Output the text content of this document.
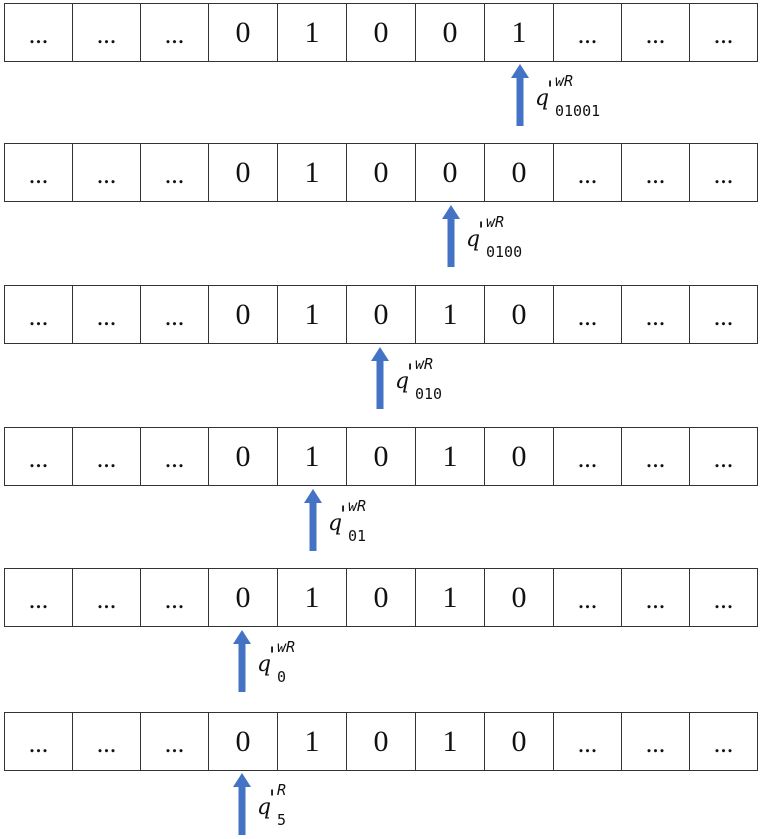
...	...	...	0	1	0	0	1	...	...	...
q
' wR
01001
...	...	...	0	1	0	0	0	...	...	...
q
' wR
0100
...	...	...	0	1	0	1	0	...	...	...
q
' wR
010
...	...	...	0	1	0	1	0	...	...	...
q
' wR
01
...	...	...	0	1	0	1	0	...	...	...
q
' wR
0
...	...	...	0	1	0	1	0	...	...	...
q
' R
5
